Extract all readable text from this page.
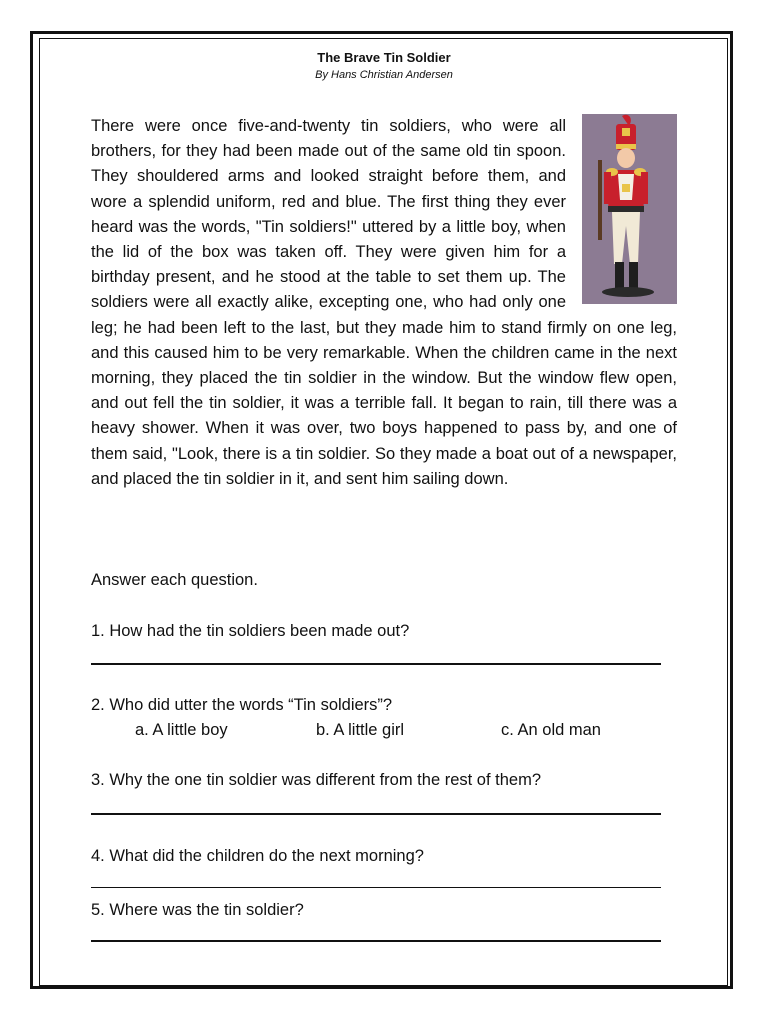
The Brave Tin Soldier
By Hans Christian Andersen
There were once five-and-twenty tin soldiers, who were all brothers, for they had been made out of the same old tin spoon. They shouldered arms and looked straight before them, and wore a splendid uniform, red and blue. The first thing they ever heard was the words, "Tin soldiers!" uttered by a little boy, when the lid of the box was taken off. They were given him for a birthday present, and he stood at the table to set them up. The soldiers were all exactly alike, excepting one, who had only one leg; he had been left to the last, but they made him to stand firmly on one leg, and this caused him to be very remarkable. When the children came in the next morning, they placed the tin soldier in the window. But the window flew open, and out fell the tin soldier, it was a terrible fall. It began to rain, till there was a heavy shower. When it was over, two boys happened to pass by, and one of them said, "Look, there is a tin soldier. So they made a boat out of a newspaper, and placed the tin soldier in it, and sent him sailing down.
Answer each question.
1. How had the tin soldiers been made out?
2. Who did utter the words “Tin soldiers”?
a. A little boy	b. A little girl	c. An old man
3. Why the one tin soldier was different from the rest of them?
4. What did the children do the next morning?
5. Where was the tin soldier?
